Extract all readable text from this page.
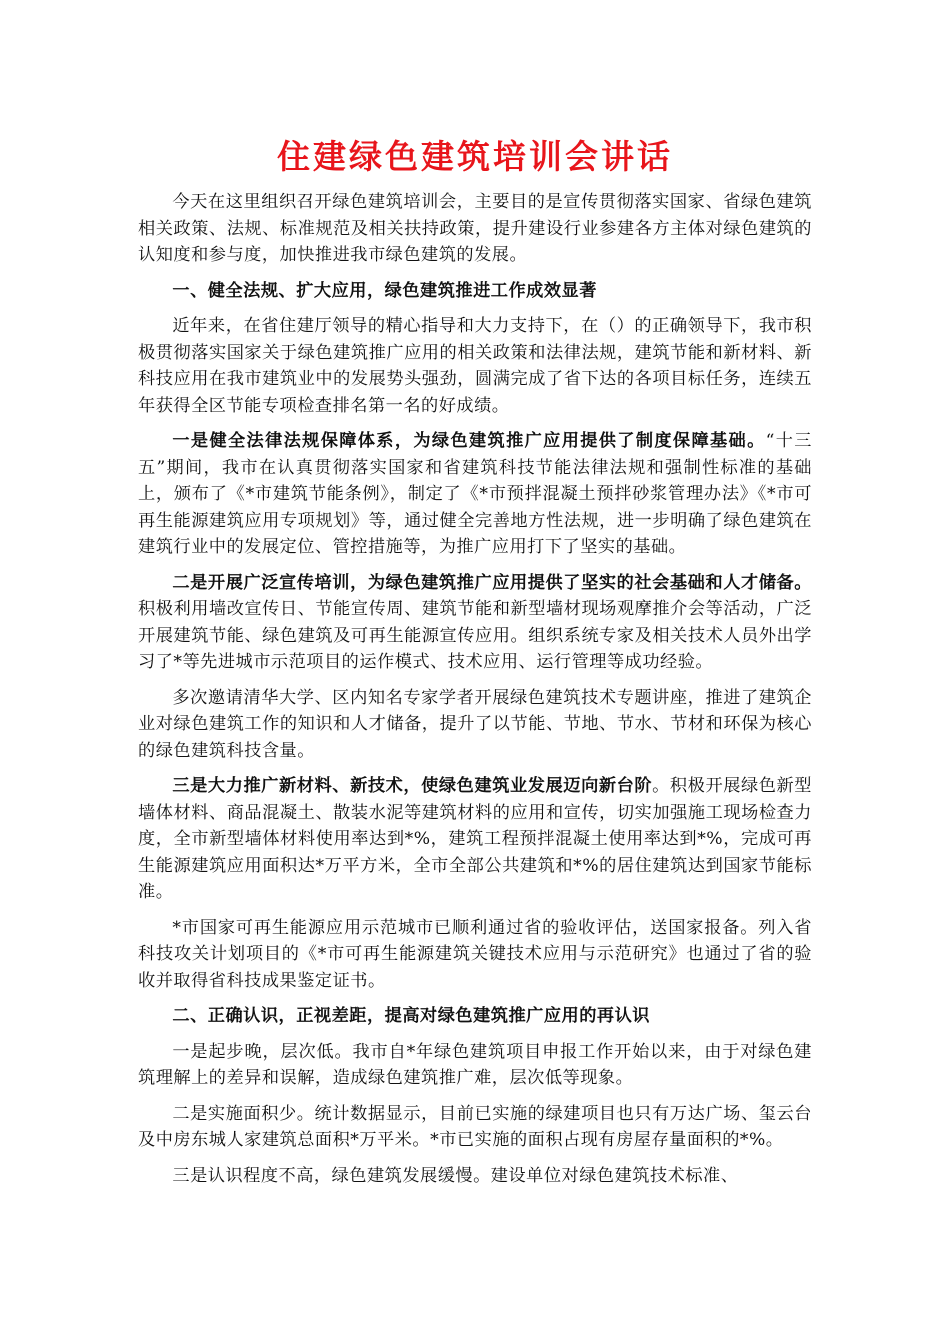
住建绿色建筑培训会讲话

今天在这里组织召开绿色建筑培训会，主要目的是宣传贯彻落实国家、省绿色建筑相关政策、法规、标准规范及相关扶持政策，提升建设行业参建各方主体对绿色建筑的认知度和参与度，加快推进我市绿色建筑的发展。

一、健全法规、扩大应用，绿色建筑推进工作成效显著

近年来，在省住建厅领导的精心指导和大力支持下，在（）的正确领导下，我市积极贯彻落实国家关于绿色建筑推广应用的相关政策和法律法规，建筑节能和新材料、新科技应用在我市建筑业中的发展势头强劲，圆满完成了省下达的各项目标任务，连续五年获得全区节能专项检查排名第一名的好成绩。

一是健全法律法规保障体系，为绿色建筑推广应用提供了制度保障基础。“十三五”期间，我市在认真贯彻落实国家和省建筑科技节能法律法规和强制性标准的基础上，颁布了《*市建筑节能条例》，制定了《*市预拌混凝土预拌砂浆管理办法》《*市可再生能源建筑应用专项规划》等，通过健全完善地方性法规，进一步明确了绿色建筑在建筑行业中的发展定位、管控措施等，为推广应用打下了坚实的基础。

二是开展广泛宣传培训，为绿色建筑推广应用提供了坚实的社会基础和人才储备。积极利用墙改宣传日、节能宣传周、建筑节能和新型墙材现场观摩推介会等活动，广泛开展建筑节能、绿色建筑及可再生能源宣传应用。组织系统专家及相关技术人员外出学习了*等先进城市示范项目的运作模式、技术应用、运行管理等成功经验。

多次邀请清华大学、区内知名专家学者开展绿色建筑技术专题讲座，推进了建筑企业对绿色建筑工作的知识和人才储备，提升了以节能、节地、节水、节材和环保为核心的绿色建筑科技含量。

三是大力推广新材料、新技术，使绿色建筑业发展迈向新台阶。积极开展绿色新型墙体材料、商品混凝土、散装水泥等建筑材料的应用和宣传，切实加强施工现场检查力度，全市新型墙体材料使用率达到*%，建筑工程预拌混凝土使用率达到*%，完成可再生能源建筑应用面积达*万平方米，全市全部公共建筑和*%的居住建筑达到国家节能标准。

*市国家可再生能源应用示范城市已顺利通过省的验收评估，送国家报备。列入省科技攻关计划项目的《*市可再生能源建筑关键技术应用与示范研究》也通过了省的验收并取得省科技成果鉴定证书。

二、正确认识，正视差距，提高对绿色建筑推广应用的再认识

一是起步晚，层次低。我市自*年绿色建筑项目申报工作开始以来，由于对绿色建筑理解上的差异和误解，造成绿色建筑推广难，层次低等现象。

二是实施面积少。统计数据显示，目前已实施的绿建项目也只有万达广场、玺云台及中房东城人家建筑总面积*万平米。*市已实施的面积占现有房屋存量面积的*%。

三是认识程度不高，绿色建筑发展缓慢。建设单位对绿色建筑技术标准、
